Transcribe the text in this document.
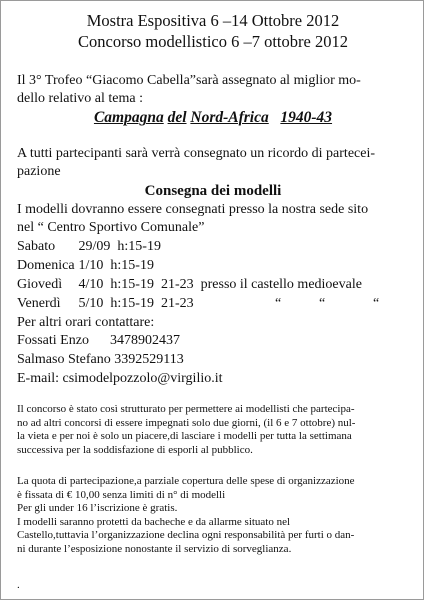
Mostra Espositiva 6 –14 Ottobre 2012
Concorso modellistico 6 –7 ottobre 2012
Il 3° Trofeo “Giacomo Cabella”sarà assegnato al miglior mo-
dello relativo al tema :
Campagna del Nord-Africa 1940-43
A tutti partecipanti sarà verrà consegnato un ricordo di partecei-
pazione
Consegna dei modelli
I modelli dovranno essere consegnati presso la nostra sede sito
nel “ Centro Sportivo Comunale”
Sabato 29/09 h:15-19
Domenica 1/10 h:15-19
Giovedì 4/10 h:15-19 21-23 presso il castello medioevale
Venerdì 5/10 h:15-19 21-23	“	“	“
Per altri orari contattare:
Fossati Enzo 3478902437
Salmaso Stefano 3392529113
E-mail: csimodelpozzolo@virgilio.it
Il concorso è stato così strutturato per permettere ai modellisti che partecipa-
no ad altri concorsi di essere impegnati solo due giorni, (il 6 e 7 ottobre) nul-
la vieta e per noi è solo un piacere,di lasciare i modelli per tutta la settimana
successiva per la soddisfazione di esporli al pubblico.
La quota di partecipazione,a parziale copertura delle spese di organizzazione
è fissata di € 10,00 senza limiti di n° di modelli
Per gli under 16 l’iscrizione è gratis.
I modelli saranno protetti da bacheche e da allarme situato nel
Castello,tuttavia l’organizzazione declina ogni responsabilità per furti o dan-
ni durante l’esposizione nonostante il servizio di sorveglianza.
.
